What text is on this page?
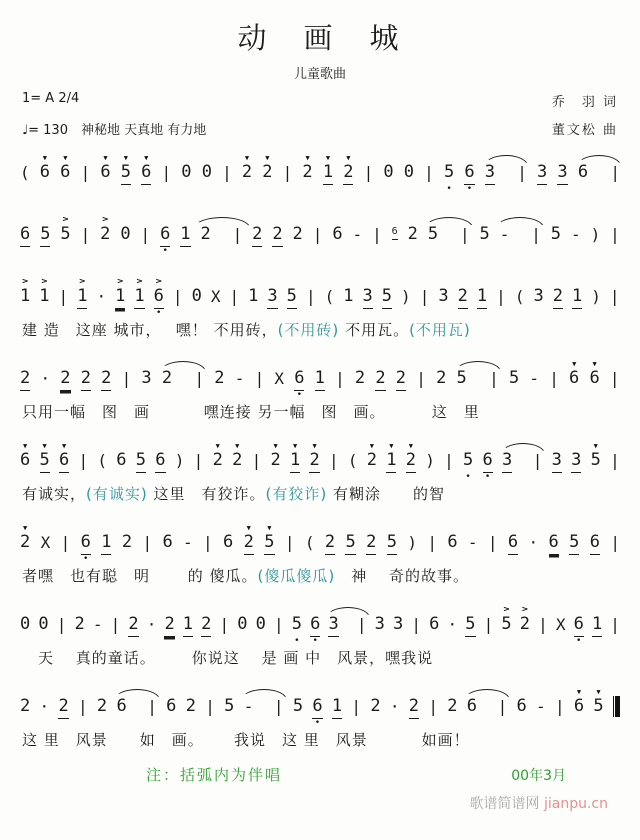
动　画　城
儿童歌曲
1= A 2/4	乔　羽 词
♩= 130　神秘地 天真地 有力地	董文松 曲

(

▼
6

▼
6

|

▼
6

▼
5

▼
6

|

0

0

|

▼
2

▼
2

|

▼
2

▼
1

▼
2

|

0

0

|

5
•

6
•

3

|

3

3

6

|

6

5

>
5

|

>
2

0

|

6
•

1

2

|

2

2

2

|

6

-

|

6

2

5

|

5

-

|

5

-

)

|

>
1

>
1

|

>
1

·

>
1

>
1

>
6
•

|

0

X

|

1

3

5

|

(

1

3

5

)

|

3

2

1

|

(

3

2

1

)

|

建 造　这座 城市，　 嘿！ 不用砖，(不用砖) 不用瓦。(不用瓦)

2

·

2

2

2

|

3

2

|

2

-

|

X

6
•

1

|

2

2

2

|

2

5

|

5

-

|

▼
6

▼
6

|

只用一幅　图　画　　　 嘿连接 另一幅　图　画。　　　 这　里
▼
6

▼
5

▼
6

|

(

6

5

6

)

|

▼
2

▼
2

|

▼
2

▼
1

▼
2

|

(

▼
2

▼
1

▼
2

)

|

5
•

6
•

3

|

3

3

▼
5

|

有诚实，(有诚实) 这里　有狡诈。(有狡诈) 有糊涂　　的智
▼
2

X

|

6
•

1

2

|

6

-

|

6

▼
2

▼
5

|

(

2

5

2

5

)

|

6

-

|

6

·

6

5

6

|

者嘿　也有聪　明　　 的 傻瓜。(傻瓜傻瓜)　神　 奇的故事。

0

0

|

2

-

|

2

·

2

1

2

|

0

0

|

5
•

6
•

3

|

3

3

|

6

·

5

|

>
5

>
2

|

X

6
•

1

|

　天　 真的童话。　　  你说这　 是 画 中　风景，嘿我说

2

·

2

|

2

6

|

6

2

|

5

-

|

5

6
•

1

|

2

·

2

|

2

6

|

6

-

|

▼
6

▼
5

这 里　风景　　如　画。　　 我说　这 里　风景　　　 如画！
注：括弧内为伴唱	00年3月
歌谱简谱网 jianpu.cn
